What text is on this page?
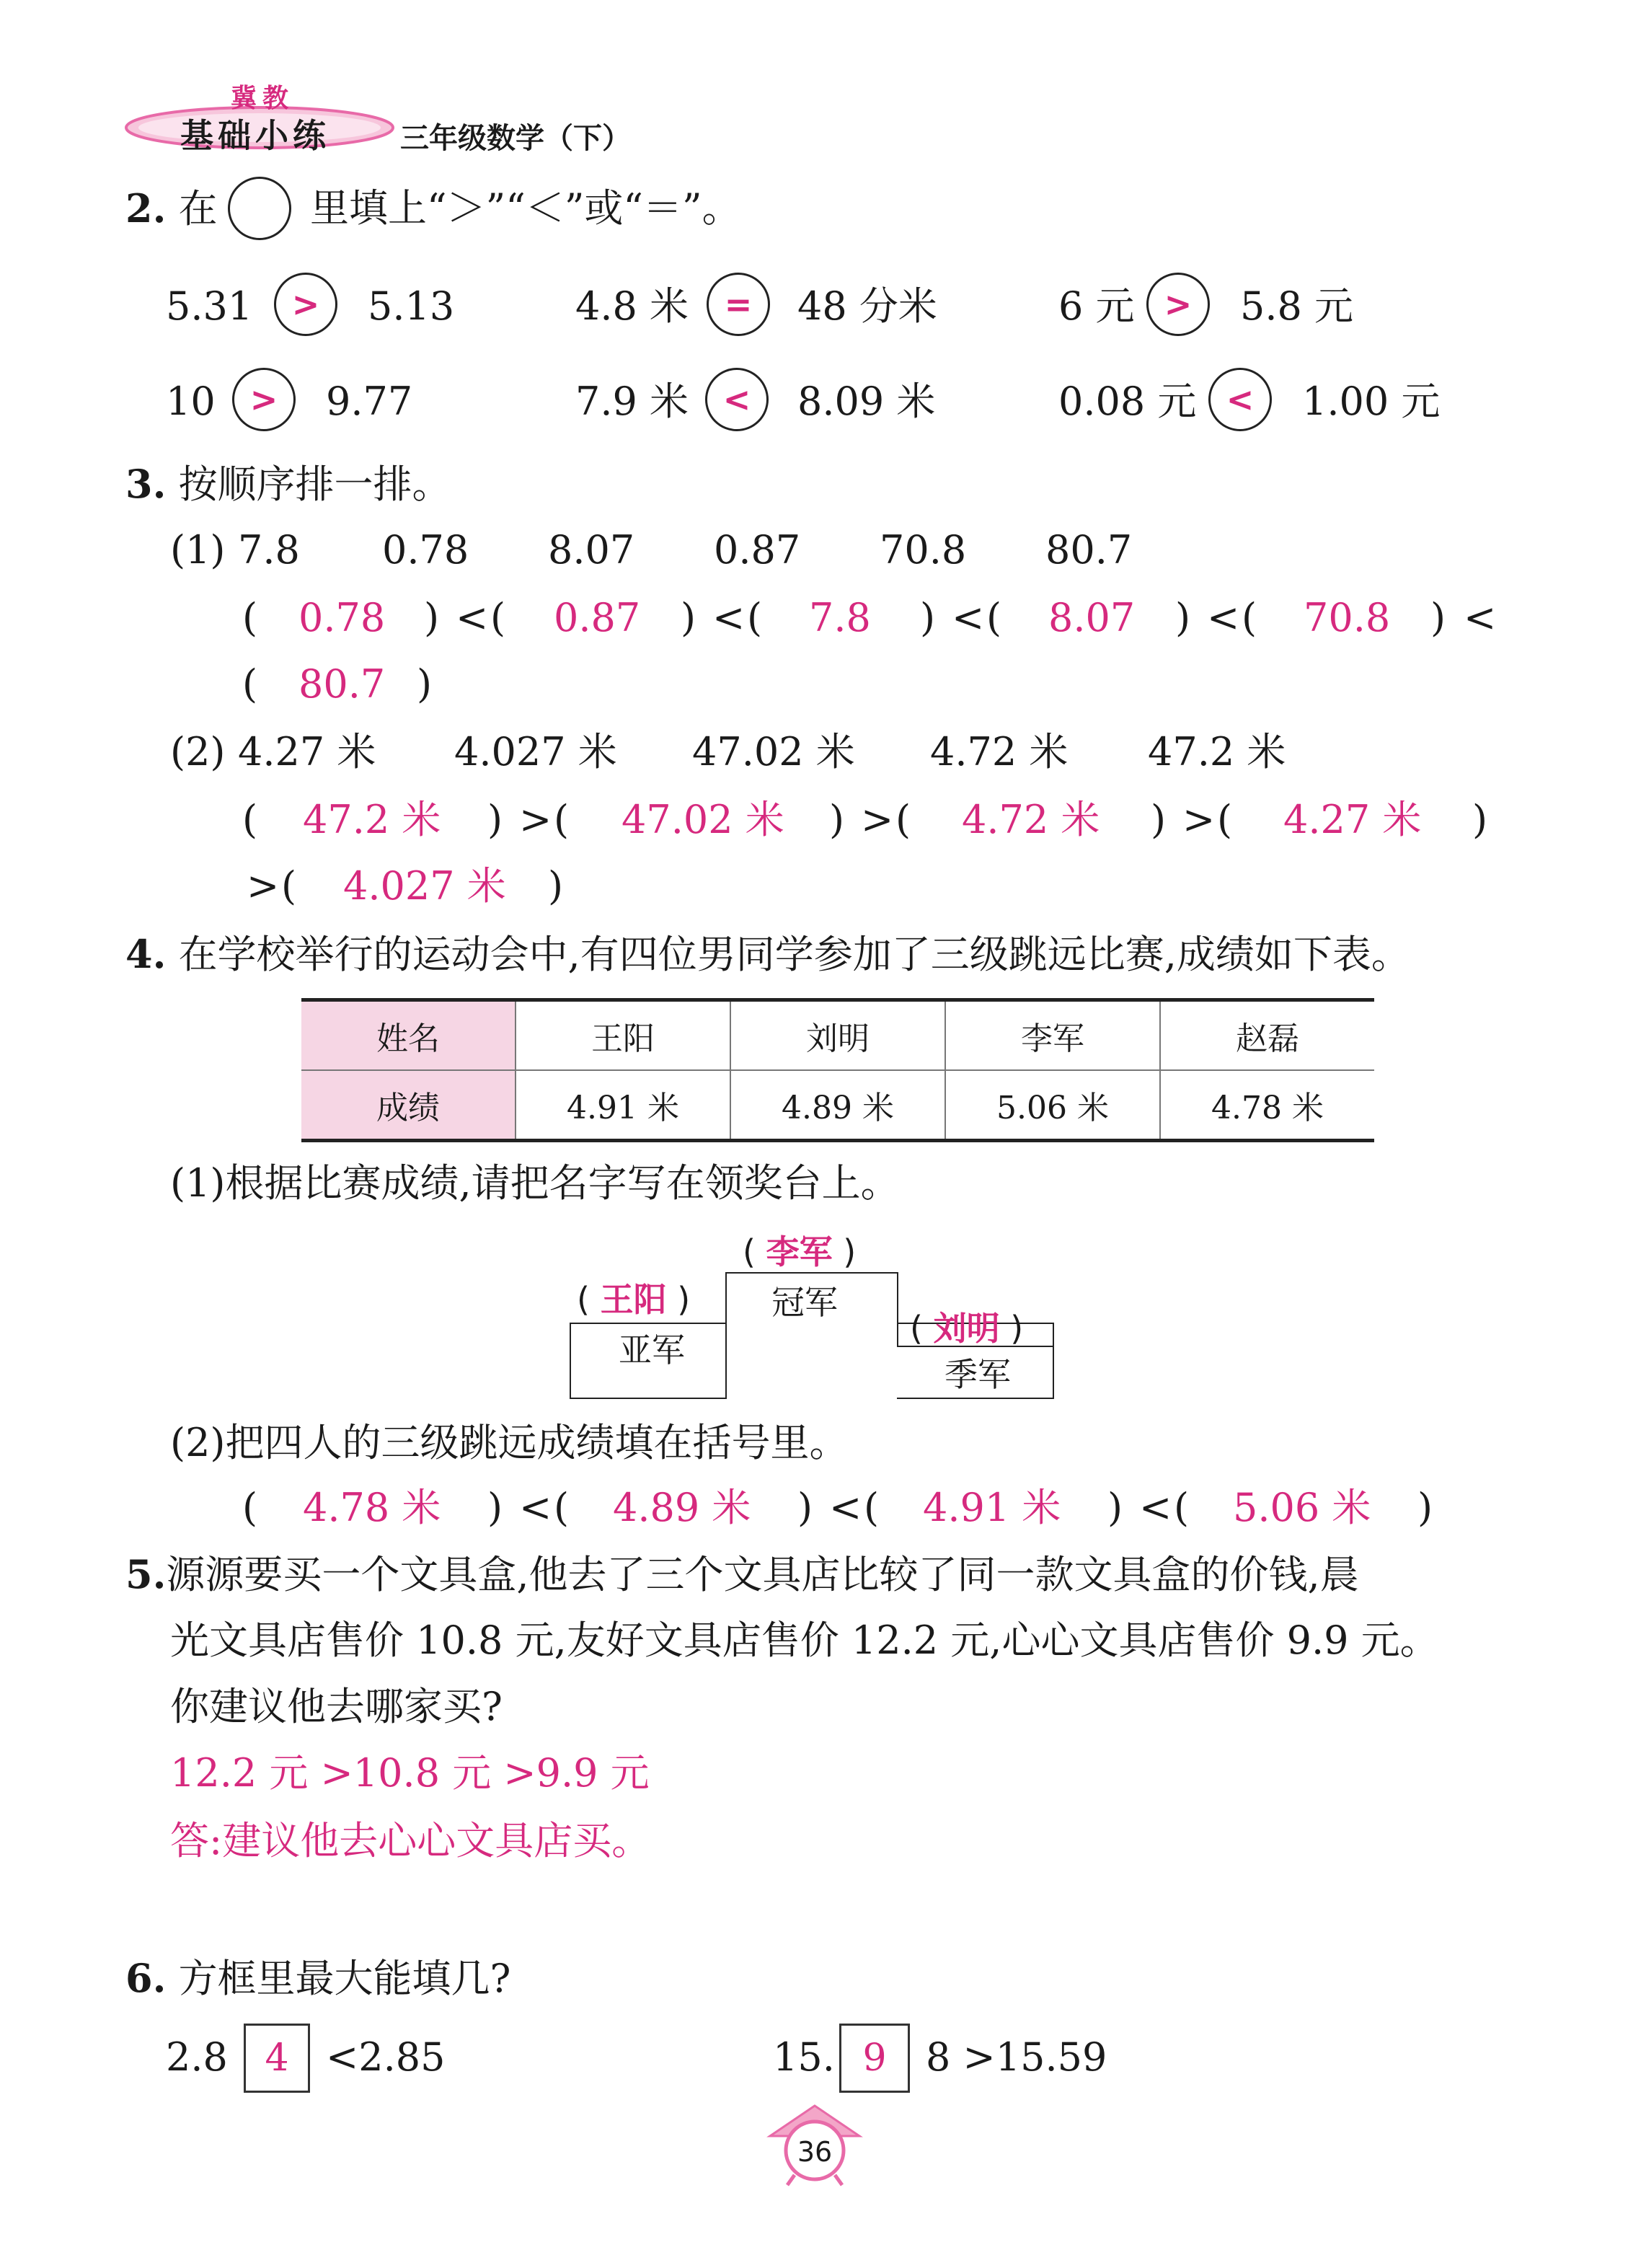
冀教
基础小练 三年级数学（下）
2. 在 里填上“＞”“＜”或“＝”。
5.31	>	5.13	4.8 米	=	48 分米	6 元 >	5.8 元
10	>	9.77	7.9 米	<	8.09 米	0.08 元 <	1.00 元
3. 按顺序排一排。
(1) 7.8 0.78 8.07 0.87 70.8 80.7
( 0.78 ) < ( 0.87 ) < ( 7.8 ) < ( 8.07 ) < ( 70.8 ) <
( 80.7 )
(2) 4.27 米 4.027 米 47.02 米 4.72 米 47.2 米
( 47.2 米 ) > ( 47.02 米 ) > ( 4.72 米 ) > ( 4.27 米 )
> ( 4.027 米 )
4. 在学校举行的运动会中,有四位男同学参加了三级跳远比赛,成绩如下表。
姓名	王阳	刘明	李军	赵磊
成绩	4.91 米	4.89 米	5.06 米	4.78 米
(1)根据比赛成绩,请把名字写在领奖台上。
冠军
亚军
季军
( 李军 )
( 王阳 )
( 刘明 )
(2)把四人的三级跳远成绩填在括号里。
( 4.78 米 ) < ( 4.89 米 ) < ( 4.91 米 ) < ( 5.06 米 )
5.源源要买一个文具盒,他去了三个文具店比较了同一款文具盒的价钱,晨
光文具店售价 10.8 元,友好文具店售价 12.2 元,心心文具店售价 9.9 元。
你建议他去哪家买?
12.2 元 >10.8 元 >9.9 元
答:建议他去心心文具店买。
6. 方框里最大能填几?
2.8 4 <2.85	15. 9	8 >15.59
36
